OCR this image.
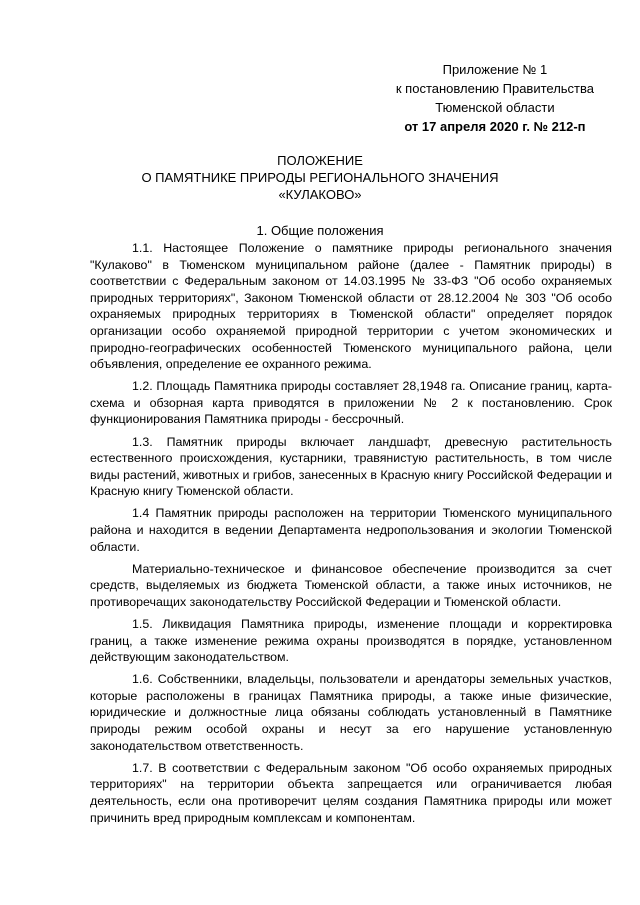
Приложение № 1
к постановлению Правительства
Тюменской области
от 17 апреля 2020 г. № 212-п
ПОЛОЖЕНИЕ
О ПАМЯТНИКЕ ПРИРОДЫ РЕГИОНАЛЬНОГО ЗНАЧЕНИЯ
«КУЛАКОВО»
1. Общие положения

1.1. Настоящее Положение о памятнике природы регионального значения "Кулаково" в Тюменском муниципальном районе (далее - Памятник природы) в соответствии с Федеральным законом от 14.03.1995 № 33-ФЗ "Об особо охраняемых природных территориях", Законом Тюменской области от 28.12.2004 № 303 "Об особо охраняемых природных территориях в Тюменской области" определяет порядок организации особо охраняемой природной территории с учетом экономических и природно-географических особенностей Тюменского муниципального района, цели объявления, определение ее охранного режима.

1.2. Площадь Памятника природы составляет 28,1948 га. Описание границ, карта-схема и обзорная карта приводятся в приложении № 2 к постановлению. Срок функционирования Памятника природы - бессрочный.

1.3. Памятник природы включает ландшафт, древесную растительность естественного происхождения, кустарники, травянистую растительность, в том числе виды растений, животных и грибов, занесенных в Красную книгу Российской Федерации и Красную книгу Тюменской области.

1.4 Памятник природы расположен на территории Тюменского муниципального района и находится в ведении Департамента недропользования и экологии Тюменской области.

Материально-техническое и финансовое обеспечение производится за счет средств, выделяемых из бюджета Тюменской области, а также иных источников, не противоречащих законодательству Российской Федерации и Тюменской области.

1.5. Ликвидация Памятника природы, изменение площади и корректировка границ, а также изменение режима охраны производятся в порядке, установленном действующим законодательством.

1.6. Собственники, владельцы, пользователи и арендаторы земельных участков, которые расположены в границах Памятника природы, а также иные физические, юридические и должностные лица обязаны соблюдать установленный в Памятнике природы режим особой охраны и несут за его нарушение установленную законодательством ответственность.

1.7. В соответствии с Федеральным законом "Об особо охраняемых природных территориях" на территории объекта запрещается или ограничивается любая деятельность, если она противоречит целям создания Памятника природы или может причинить вред природным комплексам и компонентам.
